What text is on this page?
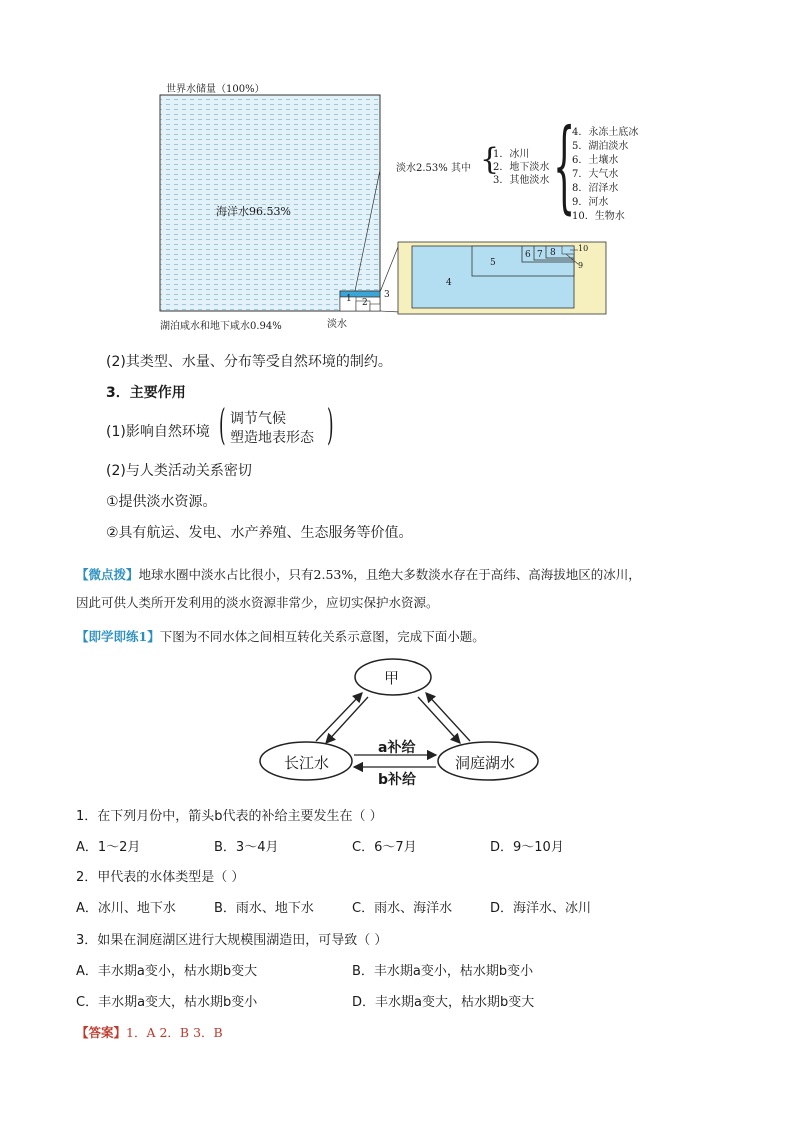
世界水储量（100%）
海洋水96.53%
湖泊咸水和地下咸水0.94%	淡水
1 2
3
4
5
6 7 8	10
9
淡水2.53% 其中 {
1．冰川
2．地下淡水
3．其他淡水 {
4．永冻土底冰
5．湖泊淡水
6．土壤水
7．大气水
8．沼泽水
9．河水
10．生物水
(2)其类型、水量、分布等受自然环境的制约。
3．主要作用
(1)影响自然环境 ( 调节气候
塑造地表形态 )
(2)与人类活动关系密切
①提供淡水资源。
②具有航运、发电、水产养殖、生态服务等价值。
【微点拨】地球水圈中淡水占比很小，只有2.53%，且绝大多数淡水存在于高纬、高海拔地区的冰川，
因此可供人类所开发利用的淡水资源非常少，应切实保护水资源。
【即学即练1】下图为不同水体之间相互转化关系示意图，完成下面小题。
甲
长江水	洞庭湖水
a补给
b补给
1．在下列月份中，箭头b代表的补给主要发生在（ ）
A．1～2月	B．3～4月	C．6～7月	D．9～10月
2．甲代表的水体类型是（ ）
A．冰川、地下水	B．雨水、地下水	C．雨水、海洋水	D．海洋水、冰川
3．如果在洞庭湖区进行大规模围湖造田，可导致（ ）
A．丰水期a变小，枯水期b变大	B．丰水期a变小，枯水期b变小
C．丰水期a变大，枯水期b变小	D．丰水期a变大，枯水期b变大
【答案】1．A 2．B 3．B
